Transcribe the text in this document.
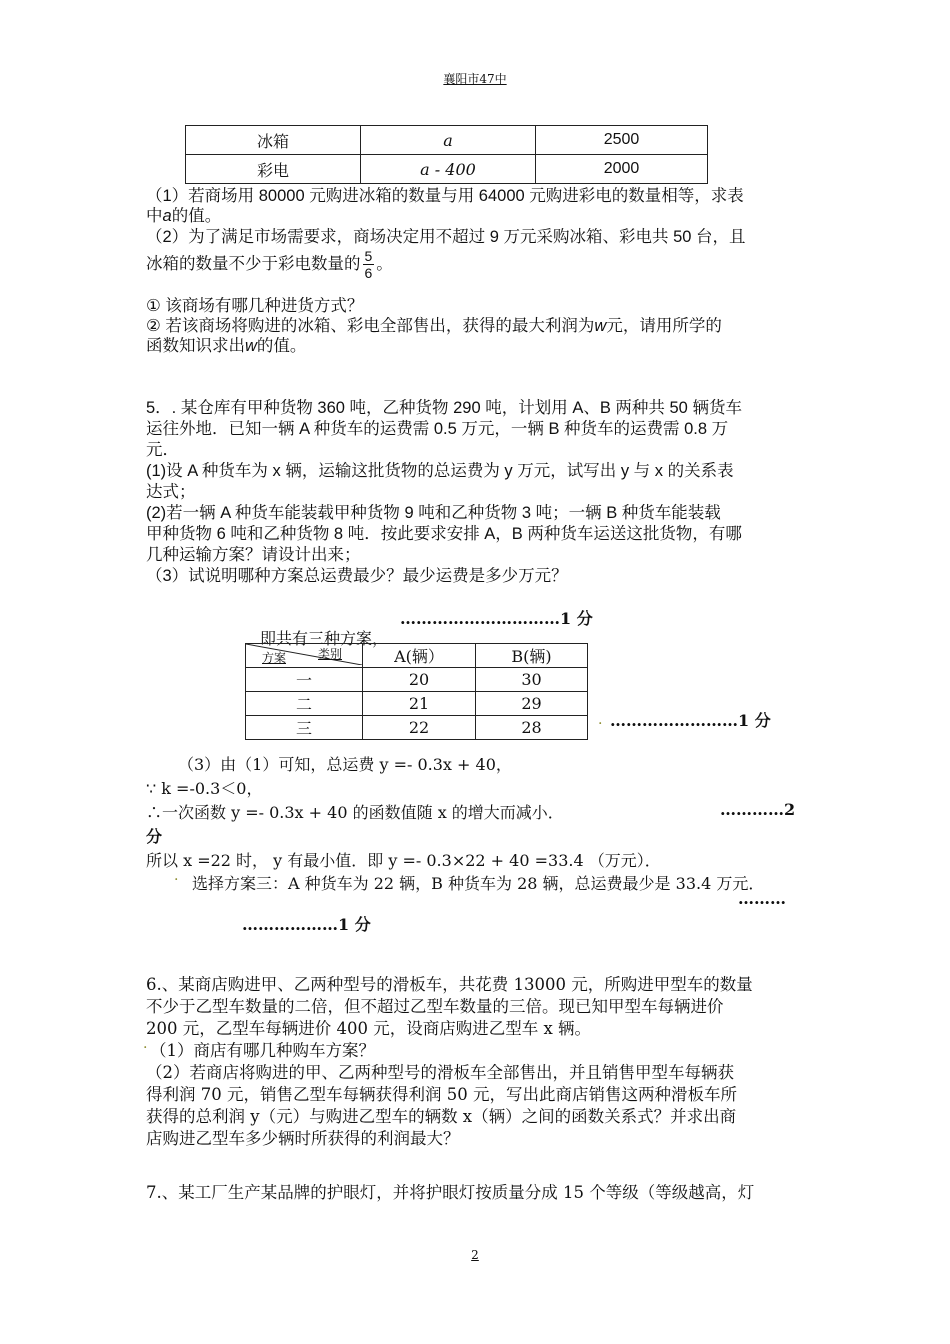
襄阳市47中
冰箱	a	2500
彩电	a - 400	2000
（1）若商场用 80000 元购进冰箱的数量与用 64000 元购进彩电的数量相等，求表
中a的值。
（2）为了满足市场需要求，商场决定用不超过 9 万元采购冰箱、彩电共 50 台，且
冰箱的数量不少于彩电数量的 $\frac{5}{6}$ 。
① 该商场有哪几种进货方式？
② 若该商场将购进的冰箱、彩电全部售出，获得的最大利润为w元，请用所学的
函数知识求出w的值。
5．. 某仓库有甲种货物 360 吨，乙种货物 290 吨，计划用 A、B 两种共 50 辆货车
运往外地．已知一辆 A 种货车的运费需 0.5 万元，一辆 B 种货车的运费需 0.8 万
元．
(1)设 A 种货车为 x 辆，运输这批货物的总运费为 y 万元，试写出 y 与 x 的关系表
达式；
(2)若一辆 A 种货车能装载甲种货物 9 吨和乙种货物 3 吨；一辆 B 种货车能装载
甲种货物 6 吨和乙种货物 8 吨．按此要求安排 A，B 两种货车运送这批货物，有哪
几种运输方案？请设计出来；
（3）试说明哪种方案总运费最少？最少运费是多少万元？
…………………………1 分
即共有三种方案，
方案 类别	A(辆）	B(辆)
一	20	30
二	21	29
三	22	28	. ……………………1 分
（3）由（1）可知，总运费 y =- 0.3x + 40，
∵ k =-0.3＜0，
∴一次函数 y =- 0.3x + 40 的函数值随 x 的增大而减小．	…………2
分
所以 x =22 时， y 有最小值．即 y =- 0.3×22 + 40 =33.4 （万元）．
. 选择方案三：A 种货车为 22 辆，B 种货车为 28 辆，总运费最少是 33.4 万元．
………
………………1 分
6.、某商店购进甲、乙两种型号的滑板车，共花费 13000 元，所购进甲型车的数量
不少于乙型车数量的二倍，但不超过乙型车数量的三倍。现已知甲型车每辆进价
200 元，乙型车每辆进价 400 元，设商店购进乙型车 x 辆。
. （1）商店有哪几种购车方案？
（2）若商店将购进的甲、乙两种型号的滑板车全部售出，并且销售甲型车每辆获
得利润 70 元，销售乙型车每辆获得利润 50 元，写出此商店销售这两种滑板车所
获得的总利润 y（元）与购进乙型车的辆数 x（辆）之间的函数关系式？并求出商
店购进乙型车多少辆时所获得的利润最大？
7.、某工厂生产某品牌的护眼灯，并将护眼灯按质量分成 15 个等级（等级越高，灯
2
